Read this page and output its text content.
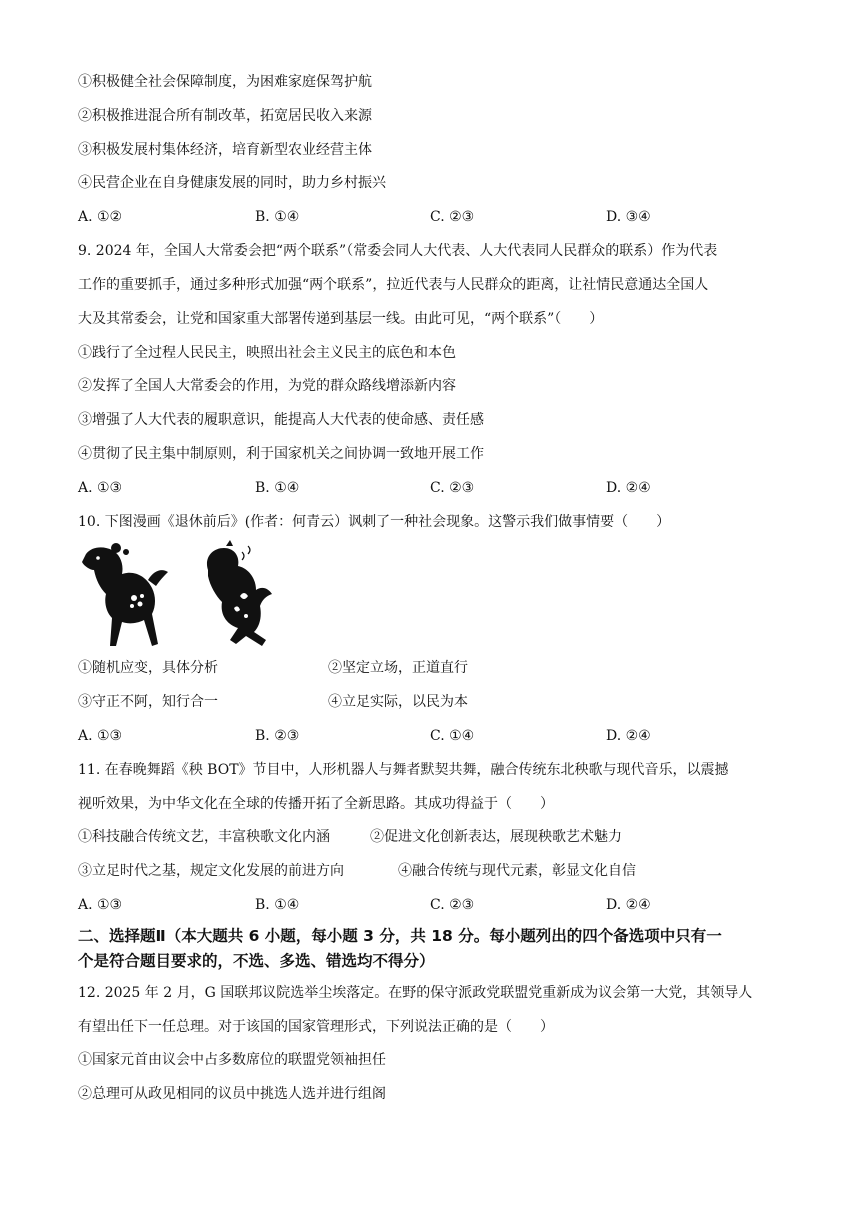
①积极健全社会保障制度，为困难家庭保驾护航
②积极推进混合所有制改革，拓宽居民收入来源
③积极发展村集体经济，培育新型农业经营主体
④民营企业在自身健康发展的同时，助力乡村振兴
A. ①②	B. ①④	C. ②③	D. ③④
9. 2024 年，全国人大常委会把“两个联系”（常委会同人大代表、人大代表同人民群众的联系）作为代表
工作的重要抓手，通过多种形式加强“两个联系”，拉近代表与人民群众的距离，让社情民意通达全国人
大及其常委会，让党和国家重大部署传递到基层一线。由此可见，“两个联系”（　　）
①践行了全过程人民民主，映照出社会主义民主的底色和本色
②发挥了全国人大常委会的作用，为党的群众路线增添新内容
③增强了人大代表的履职意识，能提高人大代表的使命感、责任感
④贯彻了民主集中制原则，利于国家机关之间协调一致地开展工作
A. ①③	B. ①④	C. ②③	D. ②④
10. 下图漫画《退休前后》(作者：何青云）讽刺了一种社会现象。这警示我们做事情要（　　）
①随机应变，具体分析	②坚定立场，正道直行
③守正不阿，知行合一	④立足实际，以民为本
A. ①③	B. ②③	C. ①④	D. ②④
11. 在春晚舞蹈《秧 BOT》节目中，人形机器人与舞者默契共舞，融合传统东北秧歌与现代音乐，以震撼
视听效果，为中华文化在全球的传播开拓了全新思路。其成功得益于（　　）
①科技融合传统文艺，丰富秧歌文化内涵	②促进文化创新表达，展现秧歌艺术魅力
③立足时代之基，规定文化发展的前进方向	④融合传统与现代元素，彰显文化自信
A. ①③	B. ①④	C. ②③	D. ②④
二、选择题Ⅱ（本大题共 6 小题，每小题 3 分，共 18 分。每小题列出的四个备选项中只有一
个是符合题目要求的，不选、多选、错选均不得分）
12. 2025 年 2 月，G 国联邦议院选举尘埃落定。在野的保守派政党联盟党重新成为议会第一大党，其领导人
有望出任下一任总理。对于该国的国家管理形式，下列说法正确的是（　　）
①国家元首由议会中占多数席位的联盟党领袖担任
②总理可从政见相同的议员中挑选人选并进行组阁
